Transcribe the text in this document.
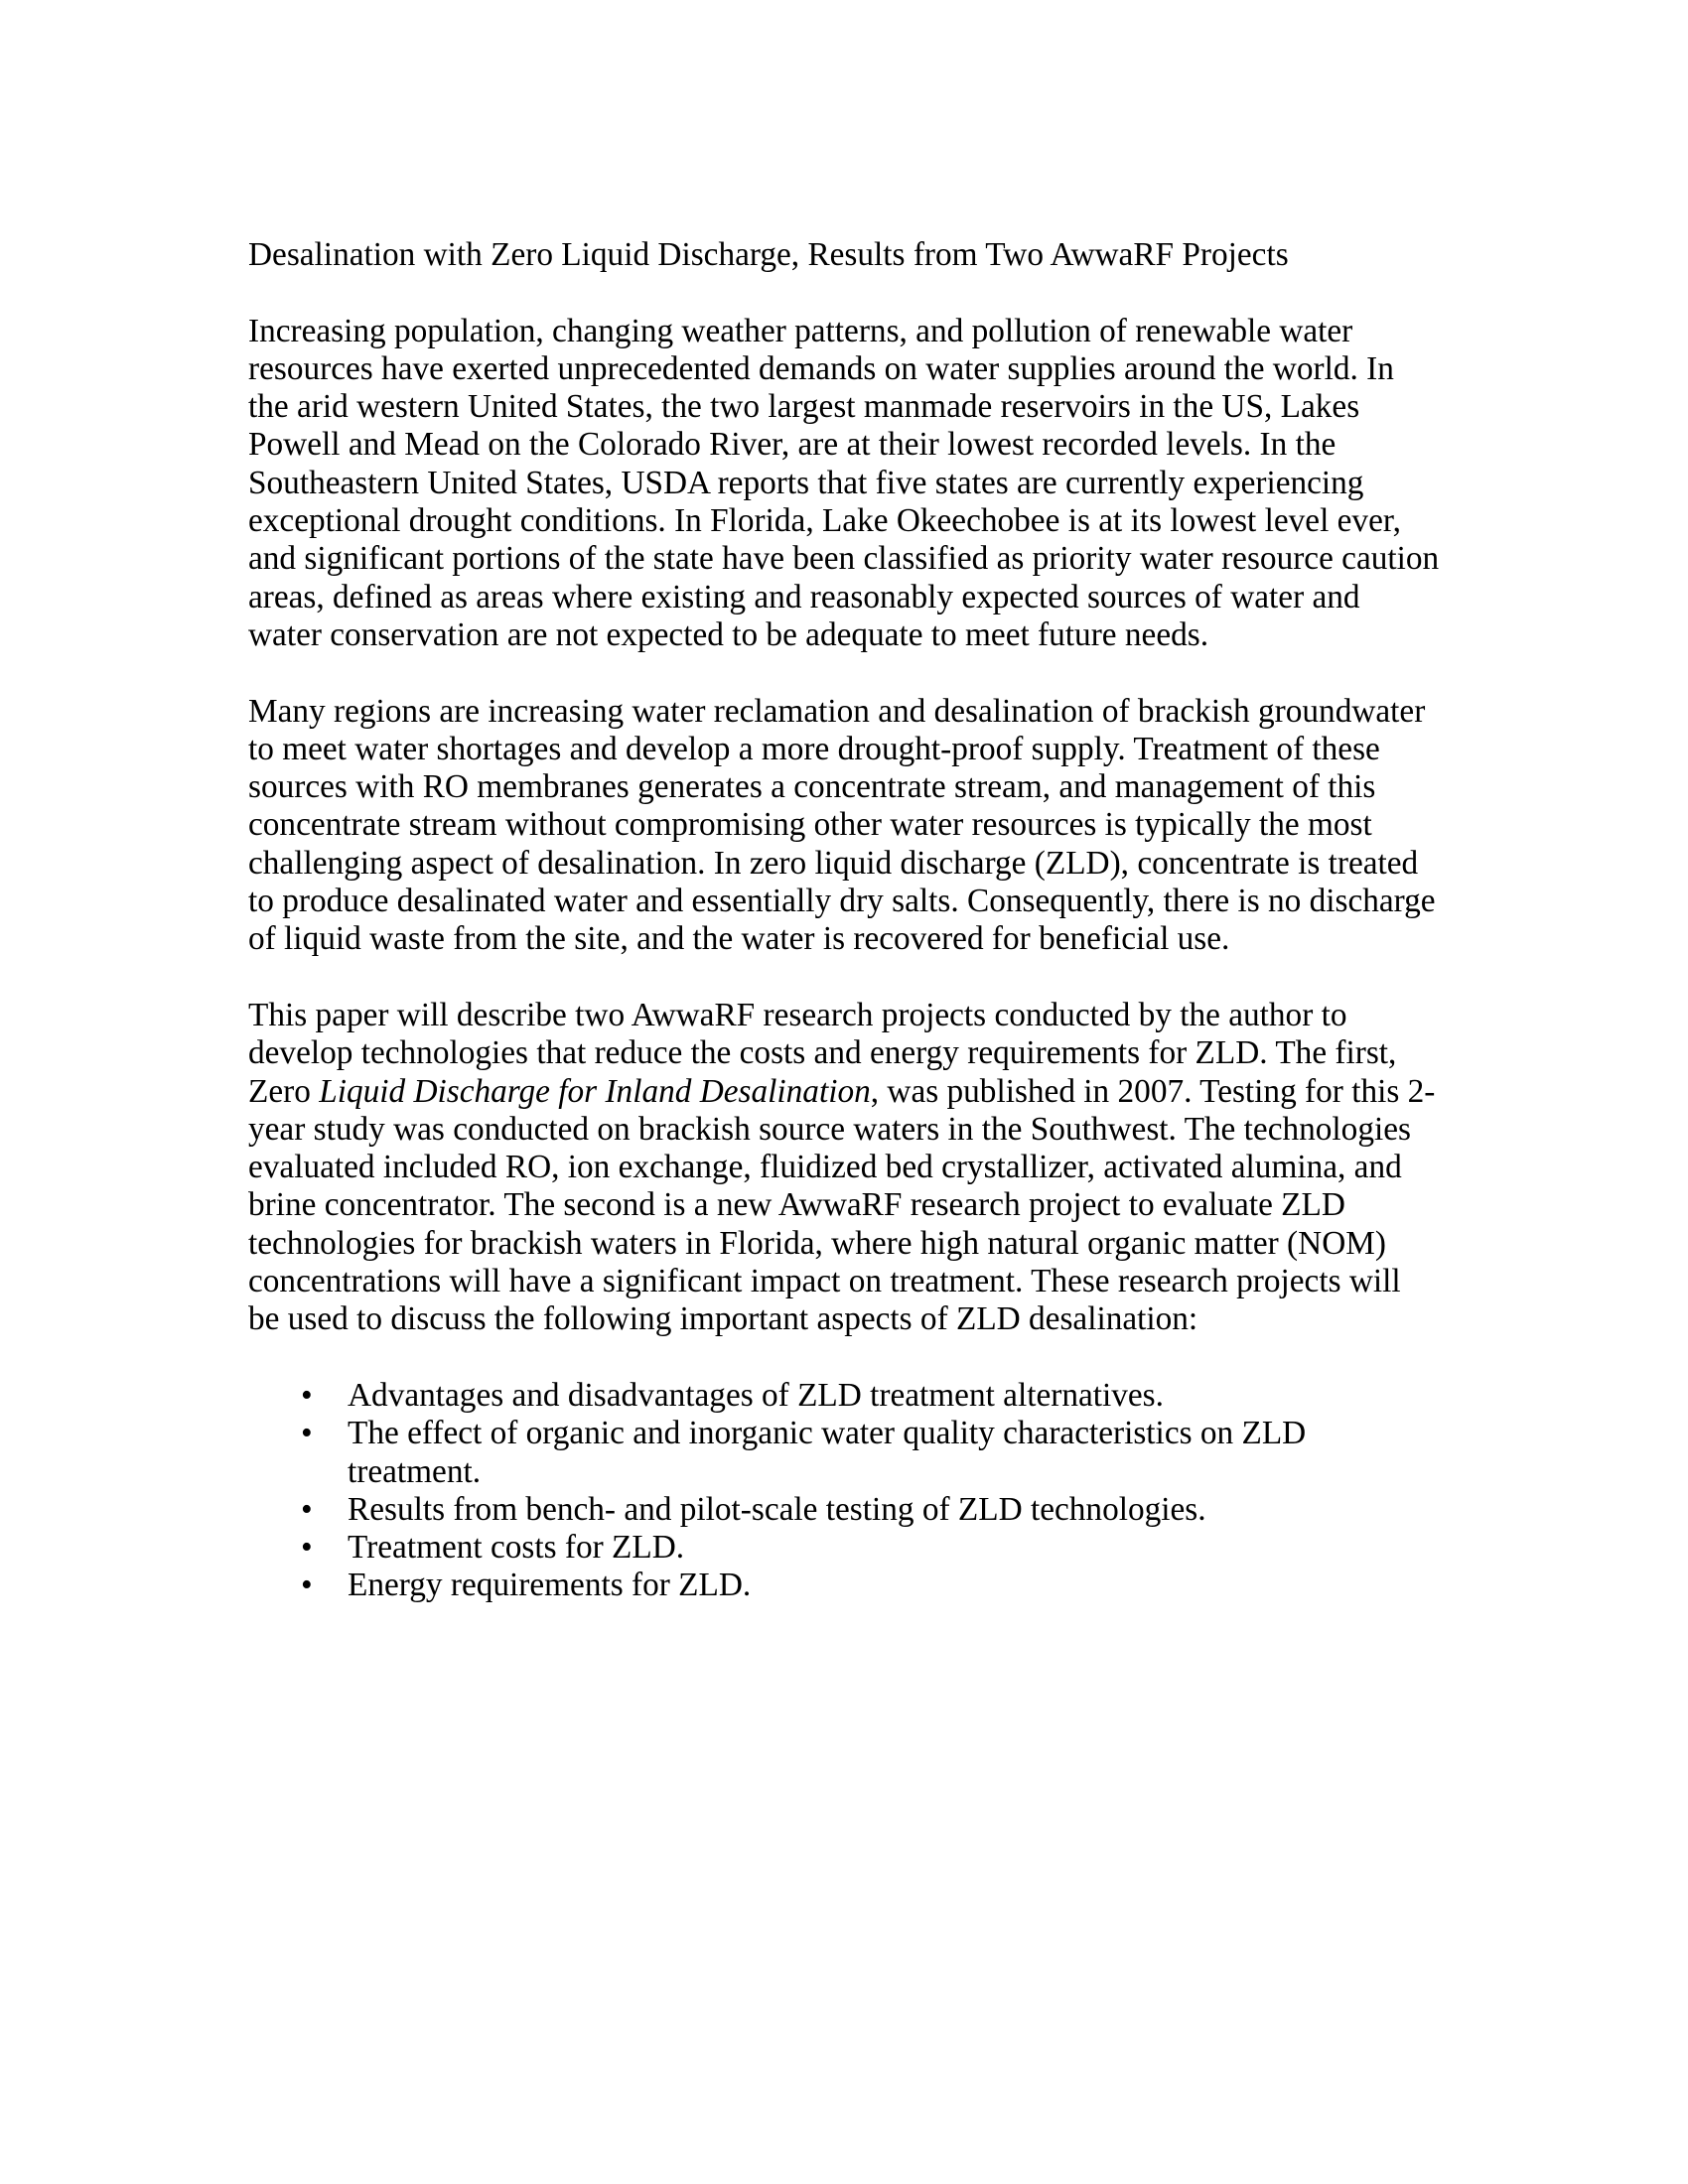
Desalination with Zero Liquid Discharge, Results from Two AwwaRF Projects

Increasing population, changing weather patterns, and pollution of renewable water resources have exerted unprecedented demands on water supplies around the world. In the arid western United States, the two largest manmade reservoirs in the US, Lakes Powell and Mead on the Colorado River, are at their lowest recorded levels. In the Southeastern United States, USDA reports that five states are currently experiencing exceptional drought conditions. In Florida, Lake Okeechobee is at its lowest level ever, and significant portions of the state have been classified as priority water resource caution areas, defined as areas where existing and reasonably expected sources of water and water conservation are not expected to be adequate to meet future needs.

Many regions are increasing water reclamation and desalination of brackish groundwater to meet water shortages and develop a more drought-proof supply. Treatment of these sources with RO membranes generates a concentrate stream, and management of this concentrate stream without compromising other water resources is typically the most challenging aspect of desalination. In zero liquid discharge (ZLD), concentrate is treated to produce desalinated water and essentially dry salts. Consequently, there is no discharge of liquid waste from the site, and the water is recovered for beneficial use.

This paper will describe two AwwaRF research projects conducted by the author to develop technologies that reduce the costs and energy requirements for ZLD. The first, Zero Liquid Discharge for Inland Desalination, was published in 2007. Testing for this 2-year study was conducted on brackish source waters in the Southwest. The technologies evaluated included RO, ion exchange, fluidized bed crystallizer, activated alumina, and brine concentrator. The second is a new AwwaRF research project to evaluate ZLD technologies for brackish waters in Florida, where high natural organic matter (NOM) concentrations will have a significant impact on treatment. These research projects will be used to discuss the following important aspects of ZLD desalination:

• Advantages and disadvantages of ZLD treatment alternatives.
• The effect of organic and inorganic water quality characteristics on ZLD treatment.
• Results from bench- and pilot-scale testing of ZLD technologies.
• Treatment costs for ZLD.
• Energy requirements for ZLD.
